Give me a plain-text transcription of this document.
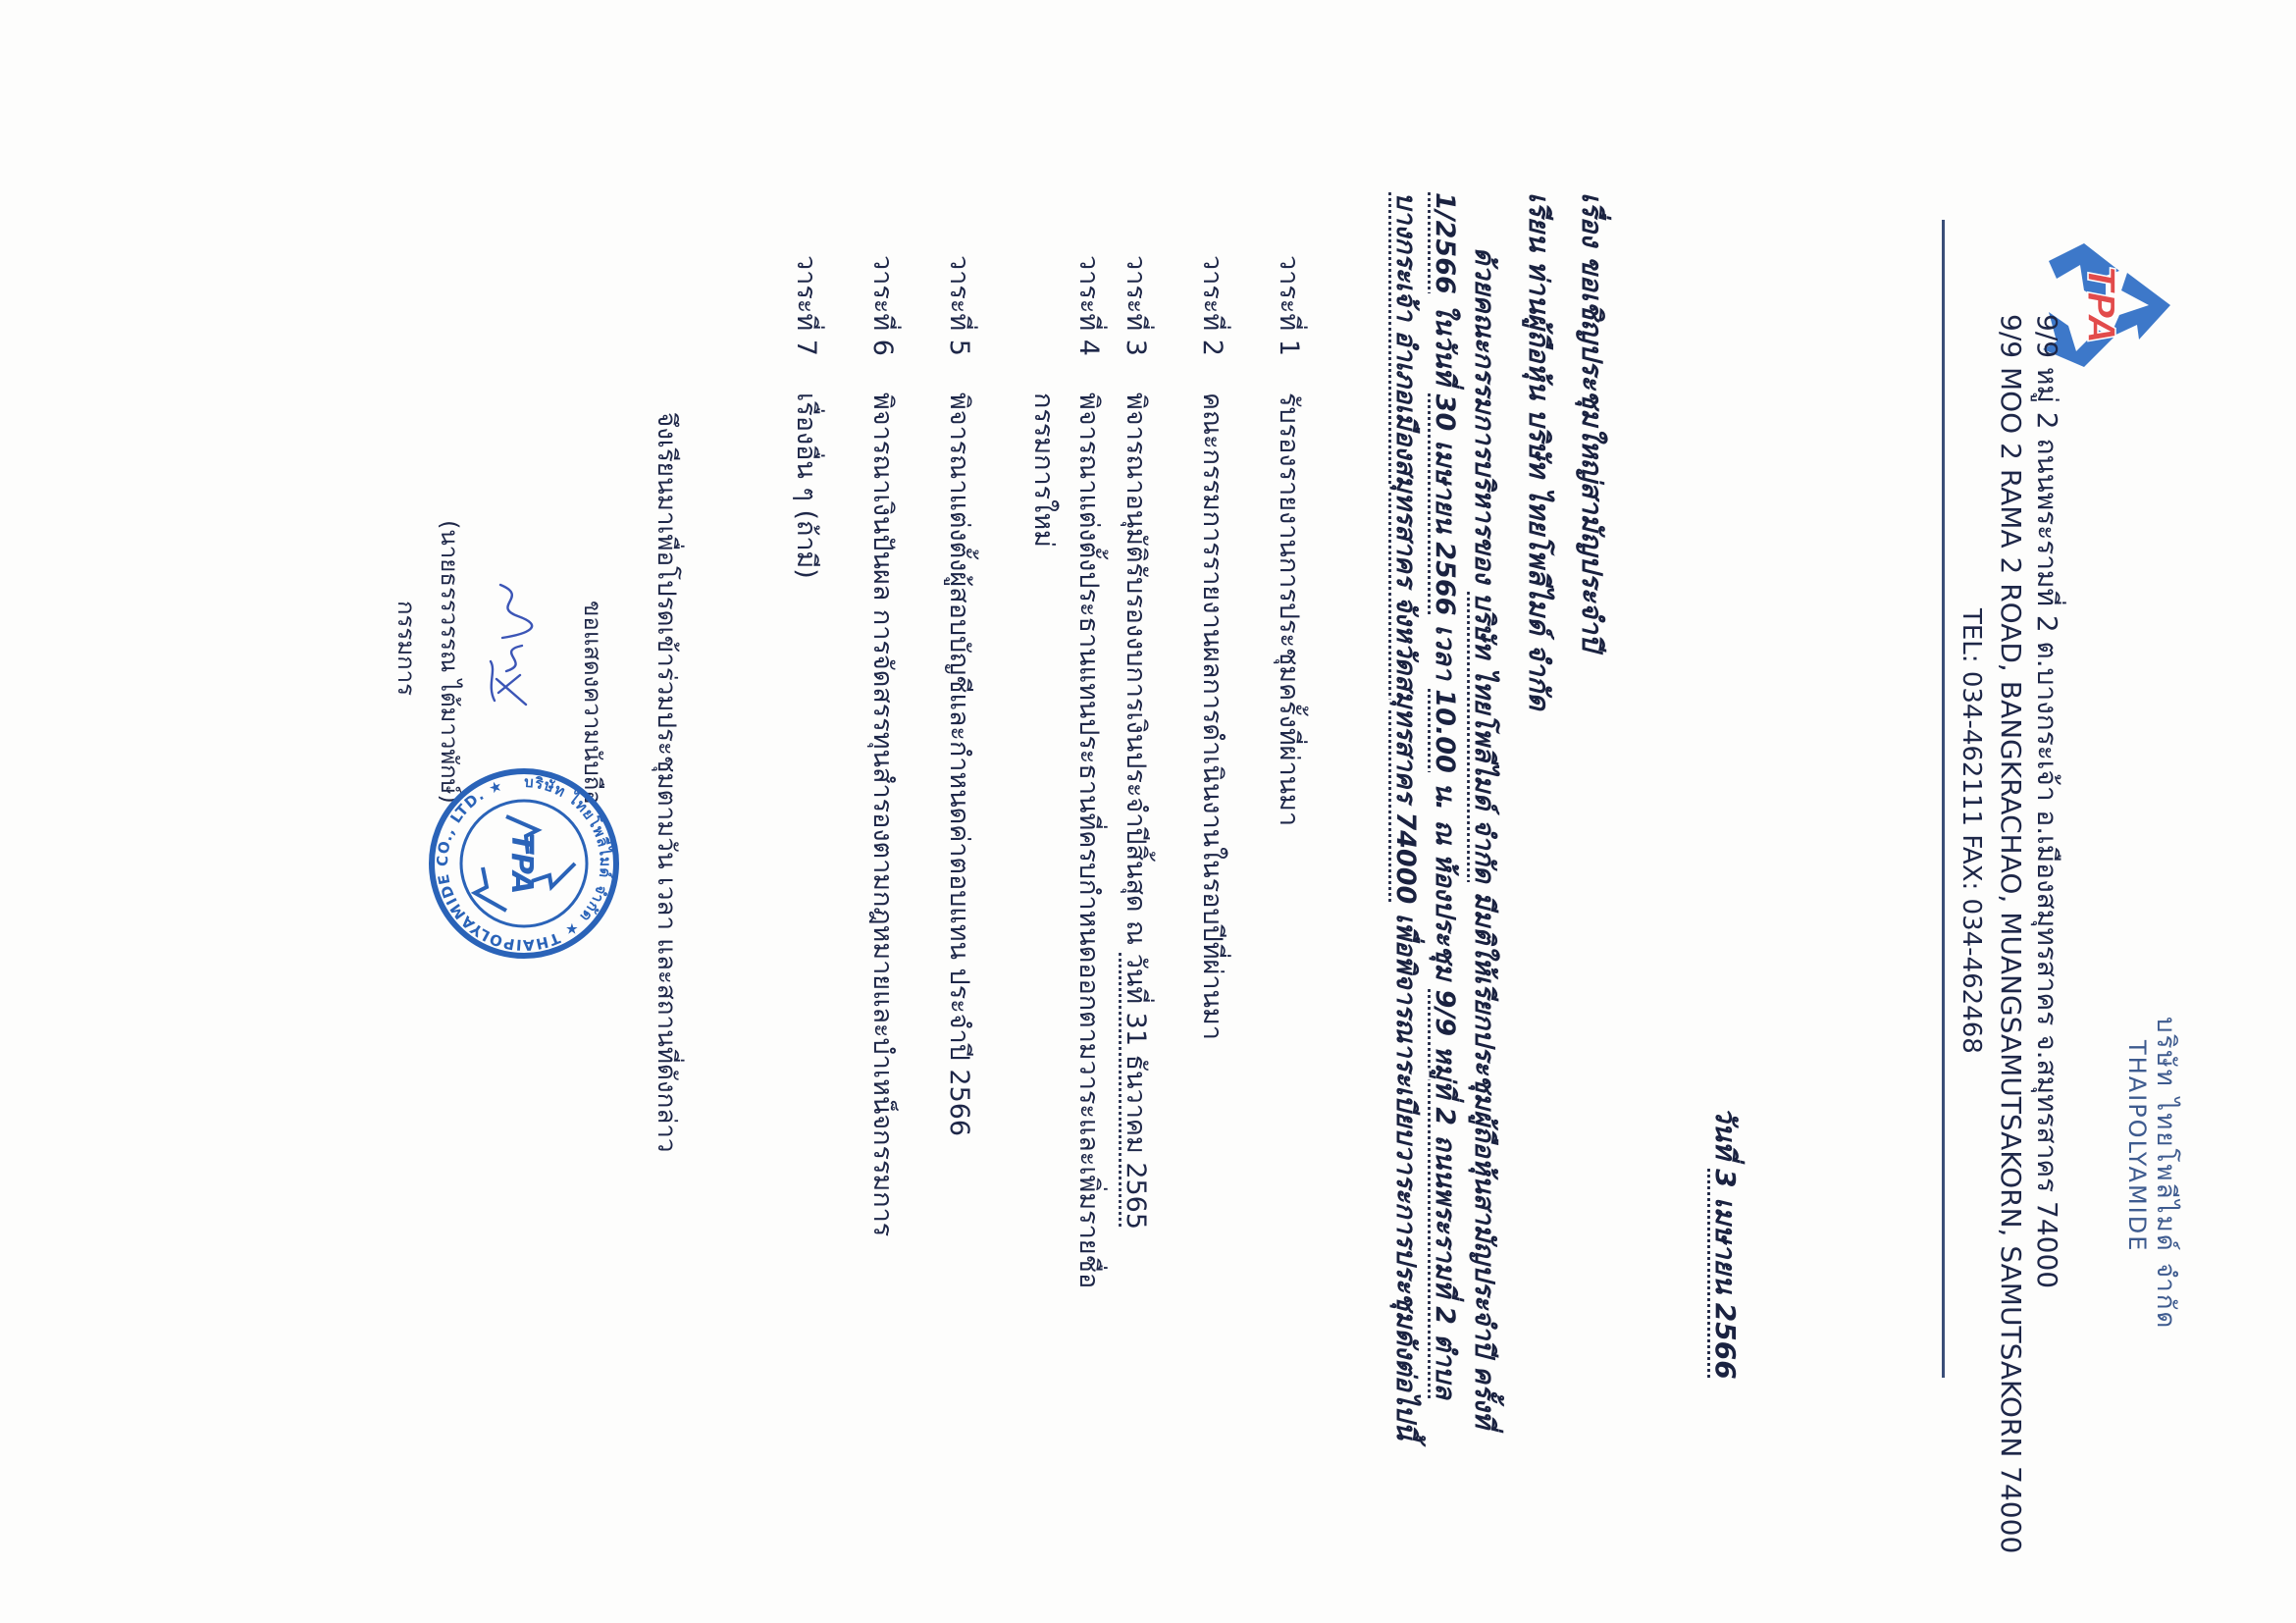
TPA
บริษัท ไทยโพลีไมด์ จำกัด
THAIPOLYAMIDE
9/9 หมู่ 2 ถนนพระรามที่ 2 ต.บางกระเจ้า อ.เมืองสมุทรสาคร จ.สมุทรสาคร 74000
9/9 MOO 2 RAMA 2 ROAD, BANGKRACHAO, MUANGSAMUTSAKORN, SAMUTSAKORN 74000
TEL: 034-462111 FAX: 034-462468
วันที่ 3 เมษายน 2566
เรื่อง ขอเชิญประชุมใหญ่สามัญประจำปี
เรียน ท่านผู้ถือหุ้น บริษัท ไทยโพลีไมด์ จำกัด
ด้วยคณะกรรมการบริหารของ บริษัท ไทยโพลีไมด์ จำกัด มีมติให้เรียกประชุมผู้ถือหุ้นสามัญประจำปี ครั้งที่ 1/2566 ในวันที่ 30 เมษายน 2566 เวลา 10.00 น. ณ ห้องประชุม 9/9 หมู่ที่ 2 ถนนพระรามที่ 2 ตำบลบางกระเจ้า อำเภอเมืองสมุทรสาคร จังหวัดสมุทรสาคร 74000 เพื่อพิจารณาระเบียบวาระการประชุมดังต่อไปนี้
วาระที่ 1รับรองรายงานการประชุมครั้งที่ผ่านมา
วาระที่ 2คณะกรรมการรายงานผลการดำเนินงานในรอบปีที่ผ่านมา
วาระที่ 3พิจารณาอนุมัติรับรองงบการเงินประจำปีสิ้นสุด ณ วันที่ 31 ธันวาคม 2565
วาระที่ 4พิจารณาแต่งตั้งประธานแทนประธานที่ครบกำหนดออกตามวาระและเพิ่มรายชื่อ
กรรมการใหม่
วาระที่ 5พิจารณาแต่งตั้งผู้สอบบัญชีและกำหนดค่าตอบแทน ประจำปี 2566
วาระที่ 6พิจารณาเงินปันผล การจัดสรรทุนสำรองตามกฎหมายและบำเหน็จกรรมการ
วาระที่ 7เรื่องอื่น ๆ (ถ้ามี)
จึงเรียนมาเพื่อโปรดเข้าร่วมประชุมตามวัน เวลา และสถานที่ดังกล่าว
ขอแสดงความนับถือ
(นายธรรวรรณ ไต้มาวพักษ์)
กรรมการ
บริษัท ไทยโพลีไมด์ จำกัด ★ THAIPOLYAMIDE CO., LTD. ★
TPA
